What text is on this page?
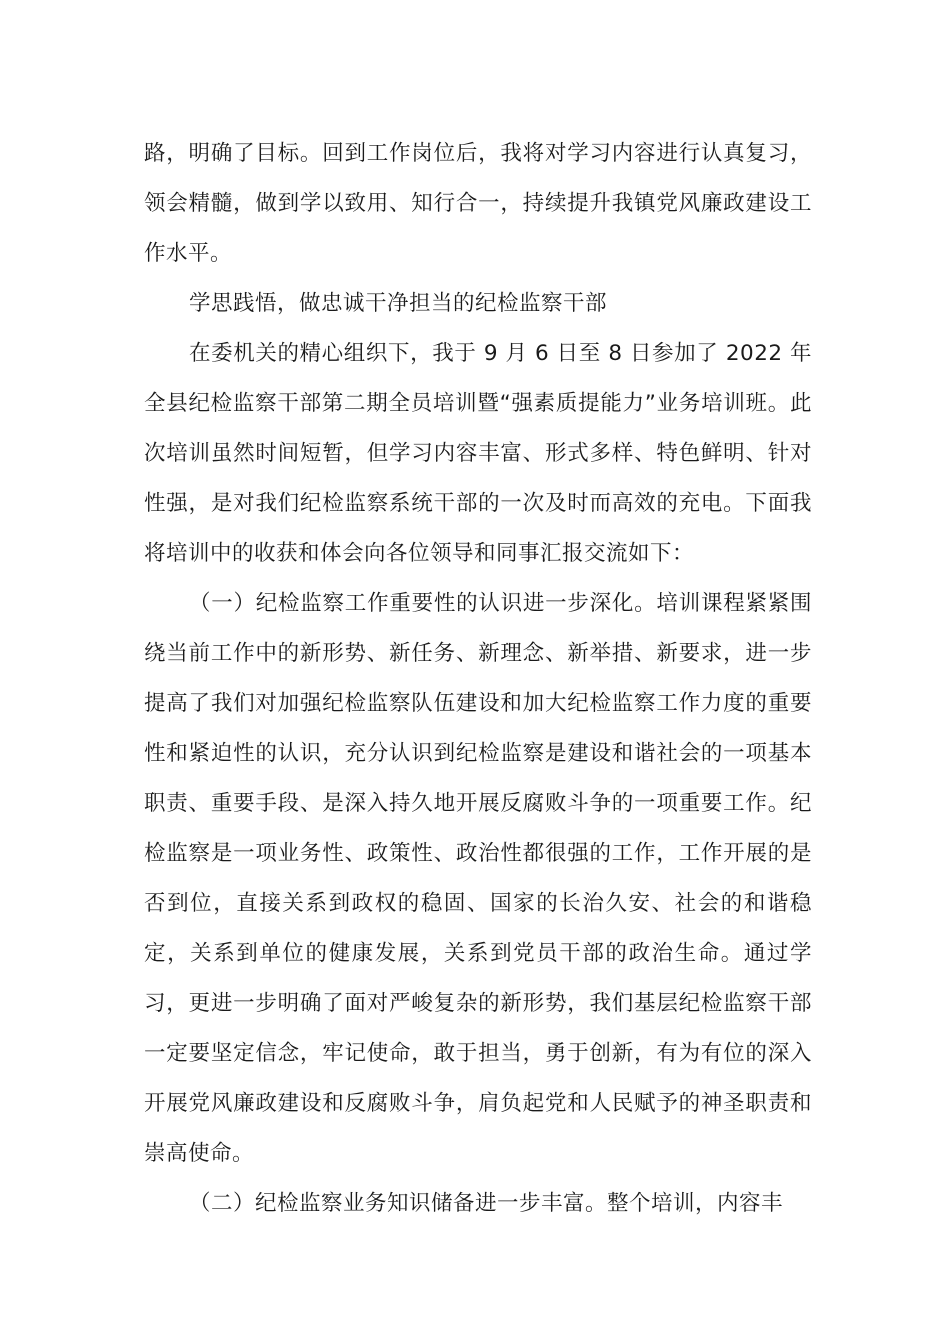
路，明确了目标。回到工作岗位后，我将对学习内容进行认真复习，领会精髓，做到学以致用、知行合一，持续提升我镇党风廉政建设工作水平。

学思践悟，做忠诚干净担当的纪检监察干部

在委机关的精心组织下，我于 9 月 6 日至 8 日参加了 2022 年全县纪检监察干部第二期全员培训暨“强素质提能力”业务培训班。此次培训虽然时间短暂，但学习内容丰富、形式多样、特色鲜明、针对性强，是对我们纪检监察系统干部的一次及时而高效的充电。下面我将培训中的收获和体会向各位领导和同事汇报交流如下：

（一）纪检监察工作重要性的认识进一步深化。培训课程紧紧围绕当前工作中的新形势、新任务、新理念、新举措、新要求，进一步提高了我们对加强纪检监察队伍建设和加大纪检监察工作力度的重要性和紧迫性的认识，充分认识到纪检监察是建设和谐社会的一项基本职责、重要手段、是深入持久地开展反腐败斗争的一项重要工作。纪检监察是一项业务性、政策性、政治性都很强的工作，工作开展的是否到位，直接关系到政权的稳固、国家的长治久安、社会的和谐稳定，关系到单位的健康发展，关系到党员干部的政治生命。通过学习，更进一步明确了面对严峻复杂的新形势，我们基层纪检监察干部一定要坚定信念，牢记使命，敢于担当，勇于创新，有为有位的深入开展党风廉政建设和反腐败斗争，肩负起党和人民赋予的神圣职责和崇高使命。

（二）纪检监察业务知识储备进一步丰富。整个培训，内容丰
